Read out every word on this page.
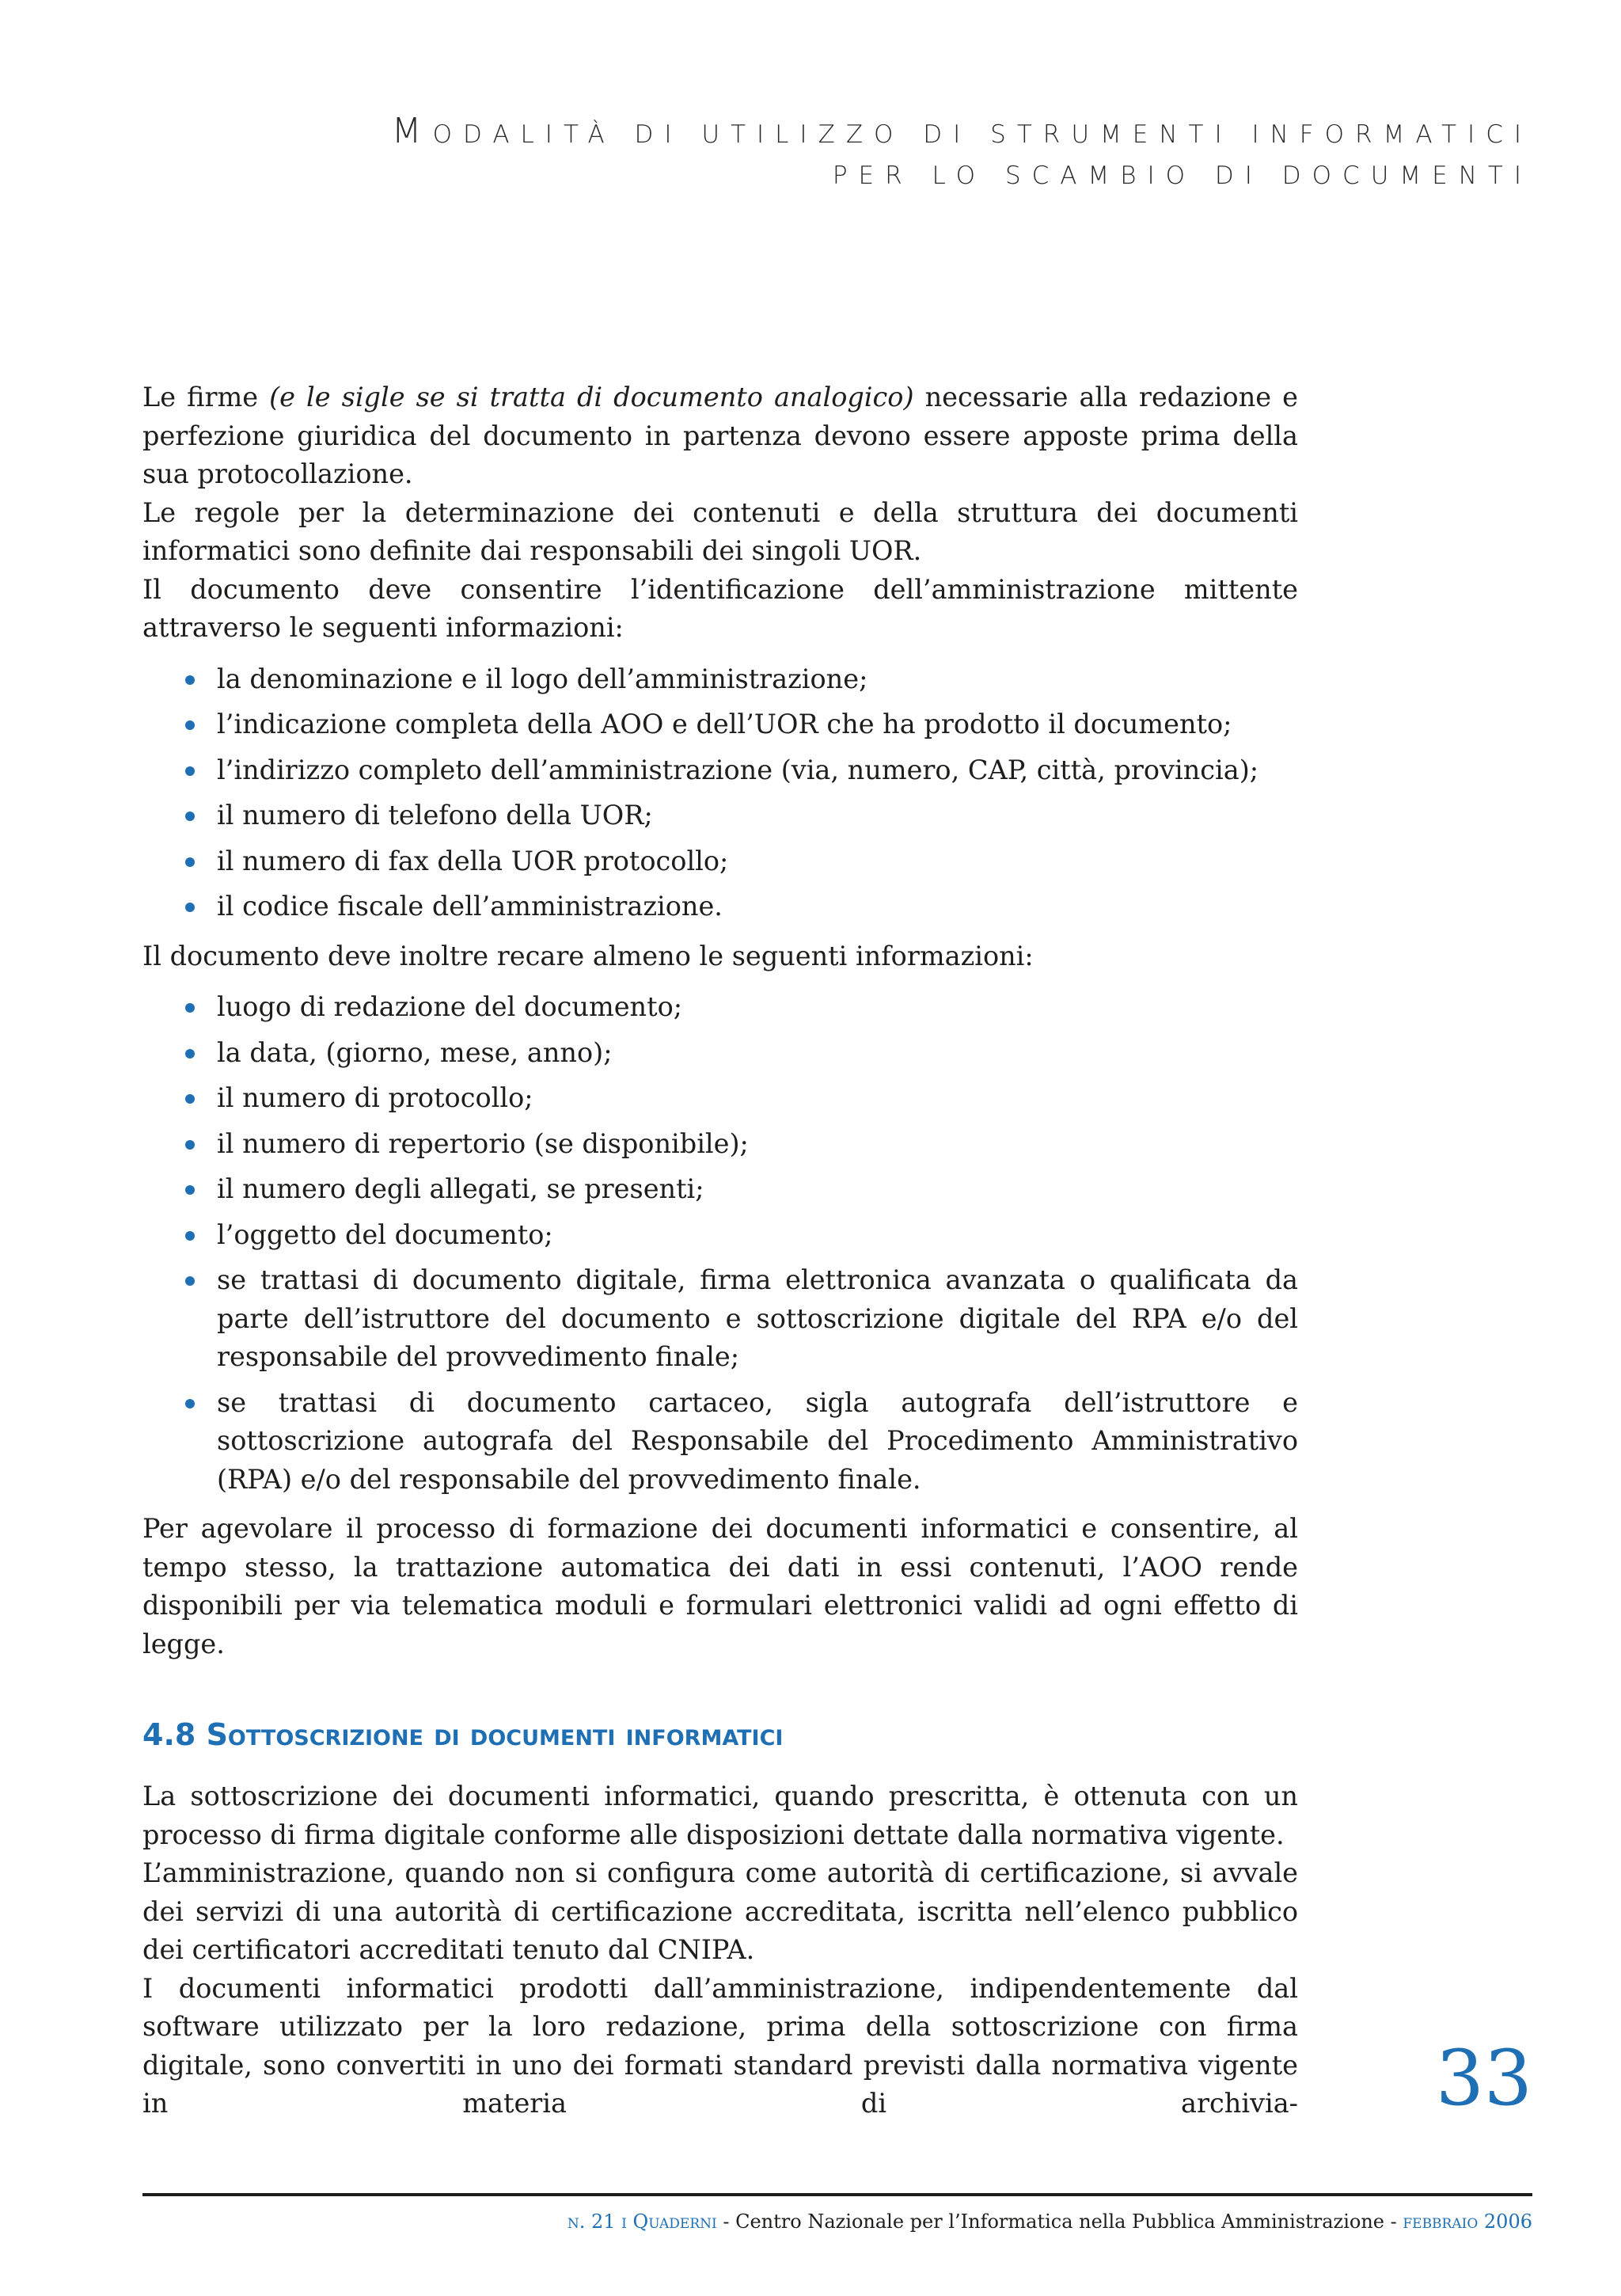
MODALITÀ DI UTILIZZO DI STRUMENTI INFORMATICI
PER LO SCAMBIO DI DOCUMENTI

Le firme (e le sigle se si tratta di documento analogico) necessarie alla redazione e perfezione giuridica del documento in partenza devono essere apposte prima della sua protocollazione.

Le regole per la determinazione dei contenuti e della struttura dei documenti informatici sono definite dai responsabili dei singoli UOR.

Il documento deve consentire l’identificazione dell’amministrazione mittente attraverso le seguenti informazioni:

la denominazione e il logo dell’amministrazione;
l’indicazione completa della AOO e dell’UOR che ha prodotto il documento;
l’indirizzo completo dell’amministrazione (via, numero, CAP, città, provincia);
il numero di telefono della UOR;
il numero di fax della UOR protocollo;
il codice fiscale dell’amministrazione.

Il documento deve inoltre recare almeno le seguenti informazioni:

luogo di redazione del documento;
la data, (giorno, mese, anno);
il numero di protocollo;
il numero di repertorio (se disponibile);
il numero degli allegati, se presenti;
l’oggetto del documento;
se trattasi di documento digitale, firma elettronica avanzata o qualificata da parte dell’istruttore del documento e sottoscrizione digitale del RPA e/o del responsabile del provvedimento finale;
se trattasi di documento cartaceo, sigla autografa dell’istruttore e sottoscrizione autografa del Responsabile del Procedimento Amministrativo (RPA) e/o del responsabile del provvedimento finale.

Per agevolare il processo di formazione dei documenti informatici e consentire, al tempo stesso, la trattazione automatica dei dati in essi contenuti, l’AOO rende disponibili per via telematica moduli e formulari elettronici validi ad ogni effetto di legge.

4.8 Sottoscrizione di documenti informatici

La sottoscrizione dei documenti informatici, quando prescritta, è ottenuta con un processo di firma digitale conforme alle disposizioni dettate dalla normativa vigente.

L’amministrazione, quando non si configura come autorità di certificazione, si avvale dei servizi di una autorità di certificazione accreditata, iscritta nell’elenco pubblico dei certificatori accreditati tenuto dal CNIPA.

I documenti informatici prodotti dall’amministrazione, indipendentemente dal software utilizzato per la loro redazione, prima della sottoscrizione con firma digitale, sono convertiti in uno dei formati standard previsti dalla normativa vigente in materia di archivia- 33
n. 21 i Quaderni - Centro Nazionale per l’Informatica nella Pubblica Amministrazione - febbraio 2006
